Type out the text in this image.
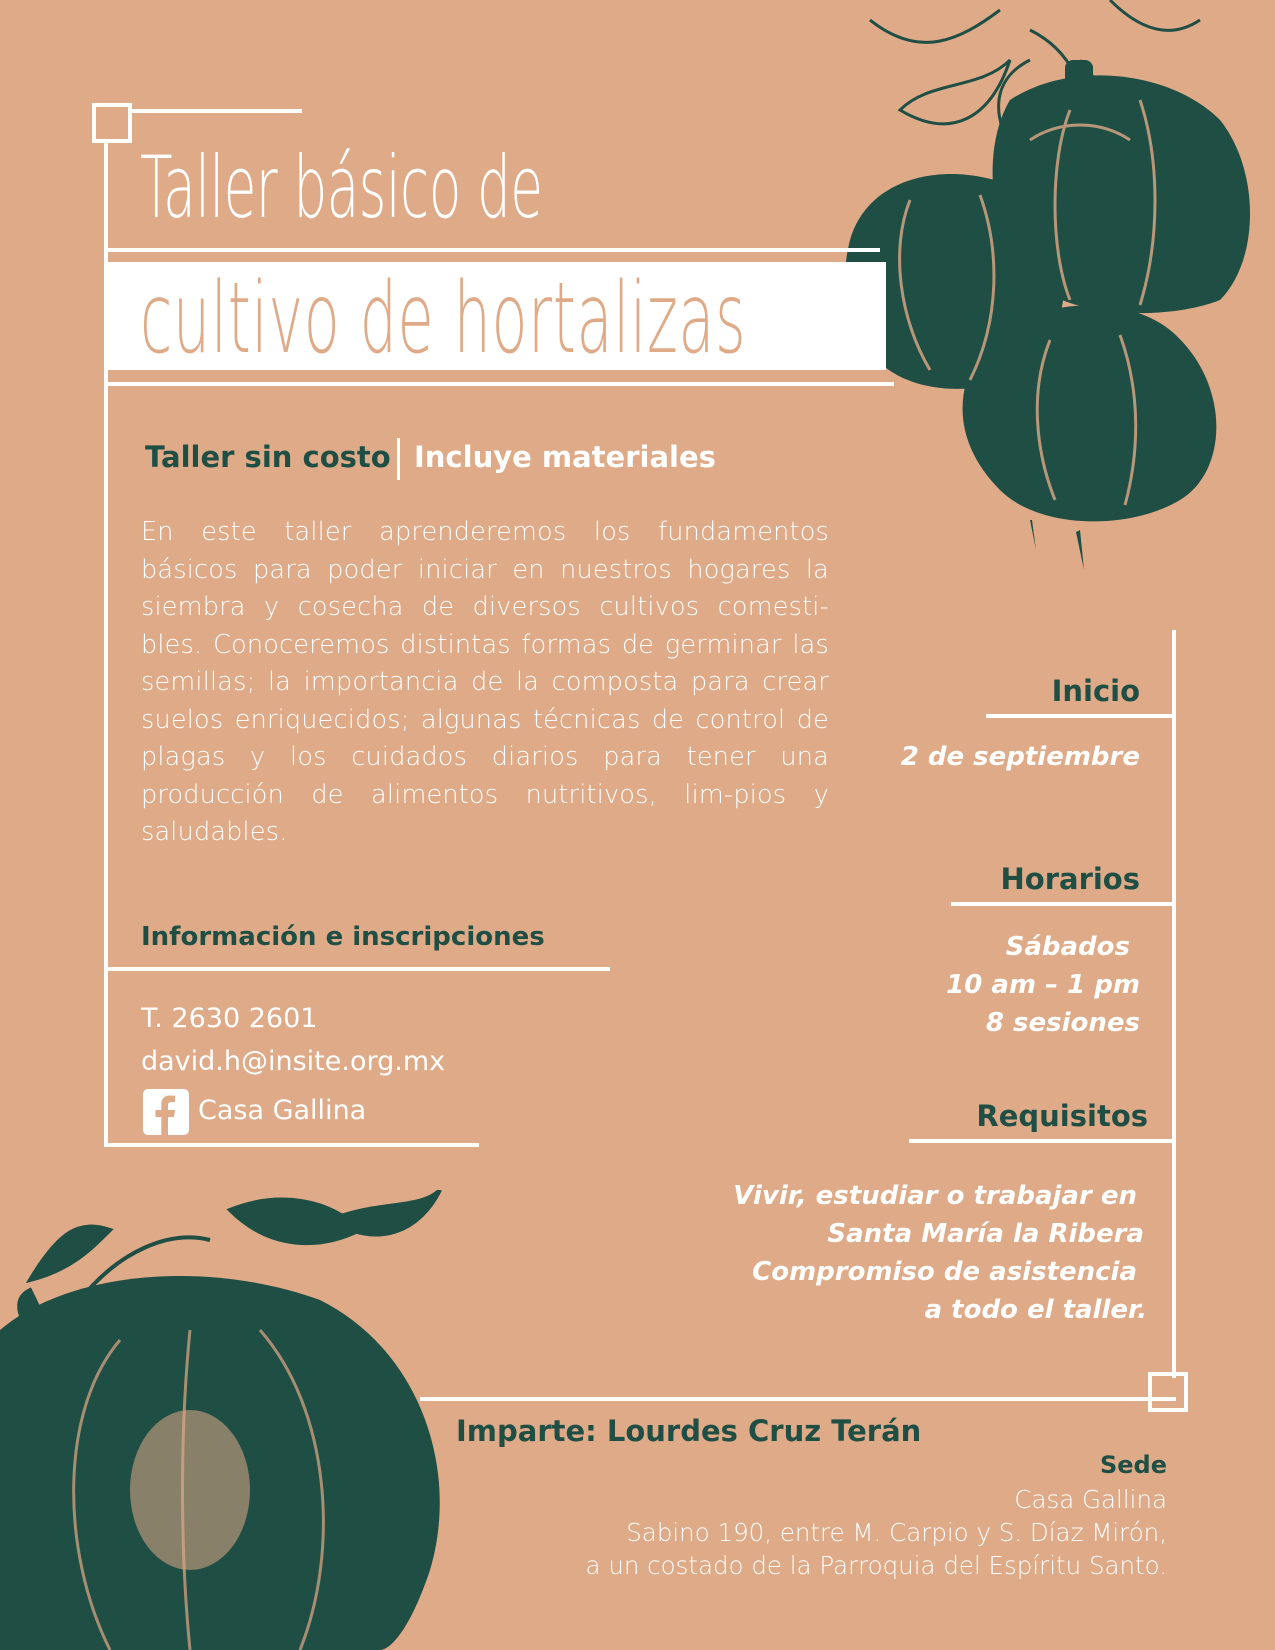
Taller básico de
cultivo de hortalizas
Taller sin costo Incluye materiales

En este taller aprenderemos los fundamentos básicos para poder iniciar en nuestros hogares la siembra y cosecha de diversos cultivos comesti-bles. Conoceremos distintas formas de germinar las semillas; la importancia de la composta para crear suelos enriquecidos; algunas técnicas de control de plagas y los cuidados diarios para tener una producción de alimentos nutritivos, lim-pios y saludables.

Información e inscripciones
T. 2630 2601
david.h@insite.org.mx
Casa Gallina
Inicio
2 de septiembre
Horarios
Sábados
10 am – 1 pm
8 sesiones
Requisitos
Vivir, estudiar o trabajar en
Santa María la Ribera
Compromiso de asistencia
a todo el taller.
Imparte: Lourdes Cruz Terán
Sede
Casa Gallina
Sabino 190, entre M. Carpio y S. Díaz Mirón,
a un costado de la Parroquia del Espíritu Santo.
